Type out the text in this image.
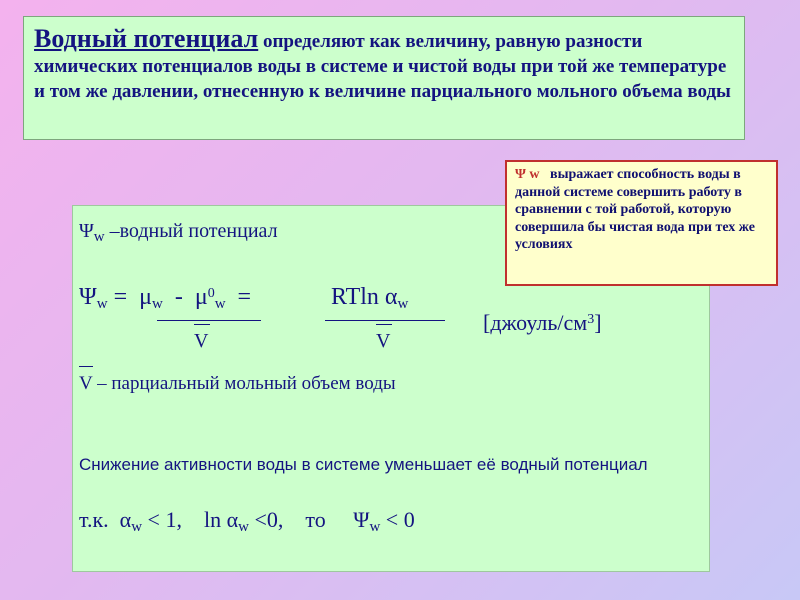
Водный потенциал определяют как величину, равную разности химических потенциалов воды в системе и чистой воды при той же температуре и том же давлении, отнесенную к величине парциального мольного объема воды
$\Psi_w$ –водный потенциал
$\Psi_w = \mu_w - \mu^0_w$ =	RTln $\alpha_w$
V	V
$[джоуль/см^3]$
V – парциальный мольный объем воды
Снижение активности воды в системе уменьшает её водный потенциал
т.к. $\alpha_w < 1$, $\ln \alpha_w <0$, то $\Psi_w < 0$
Ψ w выражает способность воды в данной системе совершить работу в сравнении с той работой, которую совершила бы чистая вода при тех же условиях
